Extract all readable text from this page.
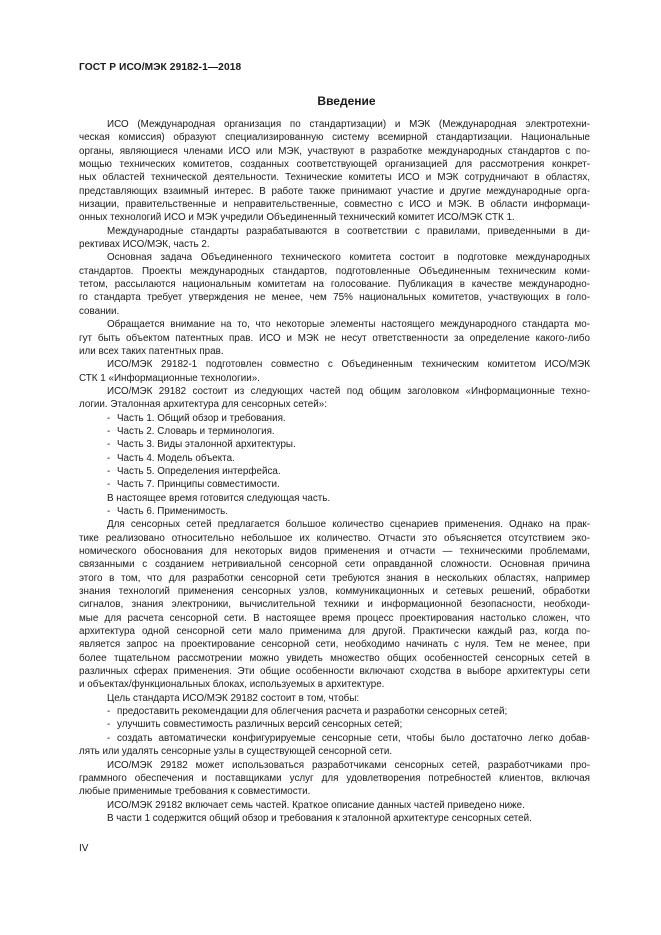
ГОСТ Р ИСО/МЭК 29182-1—2018
Введение
ИСО (Международная организация по стандартизации) и МЭК (Международная электротехни-
ческая комиссия) образуют специализированную систему всемирной стандартизации. Национальные
органы, являющиеся членами ИСО или МЭК, участвуют в разработке международных стандартов с по-
мощью технических комитетов, созданных соответствующей организацией для рассмотрения конкрет-
ных областей технической деятельности. Технические комитеты ИСО и МЭК сотрудничают в областях,
представляющих взаимный интерес. В работе также принимают участие и другие международные орга-
низации, правительственные и неправительственные, совместно с ИСО и МЭК. В области информаци-
онных технологий ИСО и МЭК учредили Объединенный технический комитет ИСО/МЭК СТК 1.
Международные стандарты разрабатываются в соответствии с правилами, приведенными в ди-
рективах ИСО/МЭК, часть 2.
Основная задача Объединенного технического комитета состоит в подготовке международных
стандартов. Проекты международных стандартов, подготовленные Объединенным техническим коми-
тетом, рассылаются национальным комитетам на голосование. Публикация в качестве международно-
го стандарта требует утверждения не менее, чем 75% национальных комитетов, участвующих в голо-
совании.
Обращается внимание на то, что некоторые элементы настоящего международного стандарта мо-
гут быть объектом патентных прав. ИСО и МЭК не несут ответственности за определение какого-либо
или всех таких патентных прав.
ИСО/МЭК 29182-1 подготовлен совместно с Объединенным техническим комитетом ИСО/МЭК
СТК 1 «Информационные технологии».
ИСО/МЭК 29182 состоит из следующих частей под общим заголовком «Информационные техно-
логии. Эталонная архитектура для сенсорных сетей»:
- Часть 1. Общий обзор и требования.
- Часть 2. Словарь и терминология.
- Часть 3. Виды эталонной архитектуры.
- Часть 4. Модель объекта.
- Часть 5. Определения интерфейса.
- Часть 7. Принципы совместимости.
В настоящее время готовится следующая часть.
- Часть 6. Применимость.
Для сенсорных сетей предлагается большое количество сценариев применения. Однако на прак-
тике реализовано относительно небольшое их количество. Отчасти это объясняется отсутствием эко-
номического обоснования для некоторых видов применения и отчасти — техническими проблемами,
связанными с созданием нетривиальной сенсорной сети оправданной сложности. Основная причина
этого в том, что для разработки сенсорной сети требуются знания в нескольких областях, например
знания технологий применения сенсорных узлов, коммуникационных и сетевых решений, обработки
сигналов, знания электроники, вычислительной техники и информационной безопасности, необходи-
мые для расчета сенсорной сети. В настоящее время процесс проектирования настолько сложен, что
архитектура одной сенсорной сети мало применима для другой. Практически каждый раз, когда по-
является запрос на проектирование сенсорной сети, необходимо начинать с нуля. Тем не менее, при
более тщательном рассмотрении можно увидеть множество общих особенностей сенсорных сетей в
различных сферах применения. Эти общие особенности включают сходства в выборе архитектуры сети
и объектах/функциональных блоках, используемых в архитектуре.
Цель стандарта ИСО/МЭК 29182 состоит в том, чтобы:
- предоставить рекомендации для облегчения расчета и разработки сенсорных сетей;
- улучшить совместимость различных версий сенсорных сетей;
- создать автоматически конфигурируемые сенсорные сети, чтобы было достаточно легко добав-
лять или удалять сенсорные узлы в существующей сенсорной сети.
ИСО/МЭК 29182 может использоваться разработчиками сенсорных сетей, разработчиками про-
граммного обеспечения и поставщиками услуг для удовлетворения потребностей клиентов, включая
любые применимые требования к совместимости.
ИСО/МЭК 29182 включает семь частей. Краткое описание данных частей приведено ниже.
В части 1 содержится общий обзор и требования к эталонной архитектуре сенсорных сетей.
IV
